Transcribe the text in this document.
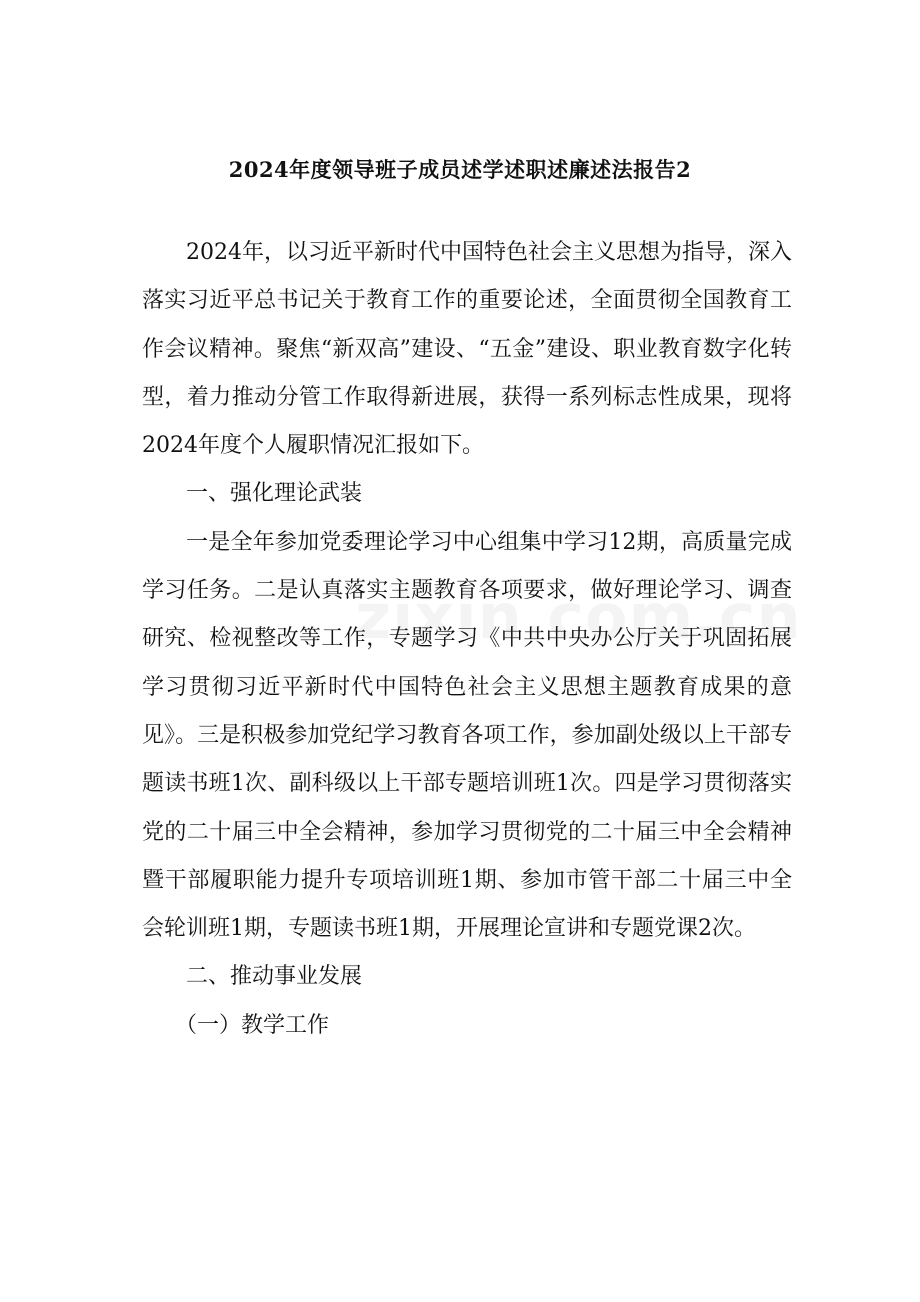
2024年度领导班子成员述学述职述廉述法报告2

2024年，以习近平新时代中国特色社会主义思想为指导，深入落实习近平总书记关于教育工作的重要论述，全面贯彻全国教育工作会议精神。聚焦“新双高”建设、“五金”建设、职业教育数字化转型，着力推动分管工作取得新进展，获得一系列标志性成果，现将2024年度个人履职情况汇报如下。

一、强化理论武装

一是全年参加党委理论学习中心组集中学习12期，高质量完成学习任务。二是认真落实主题教育各项要求，做好理论学习、调查研究、检视整改等工作，专题学习《中共中央办公厅关于巩固拓展学习贯彻习近平新时代中国特色社会主义思想主题教育成果的意见》。三是积极参加党纪学习教育各项工作，参加副处级以上干部专题读书班1次、副科级以上干部专题培训班1次。四是学习贯彻落实党的二十届三中全会精神，参加学习贯彻党的二十届三中全会精神暨干部履职能力提升专项培训班1期、参加市管干部二十届三中全会轮训班1期，专题读书班1期，开展理论宣讲和专题党课2次。

二、推动事业发展

（一）教学工作
